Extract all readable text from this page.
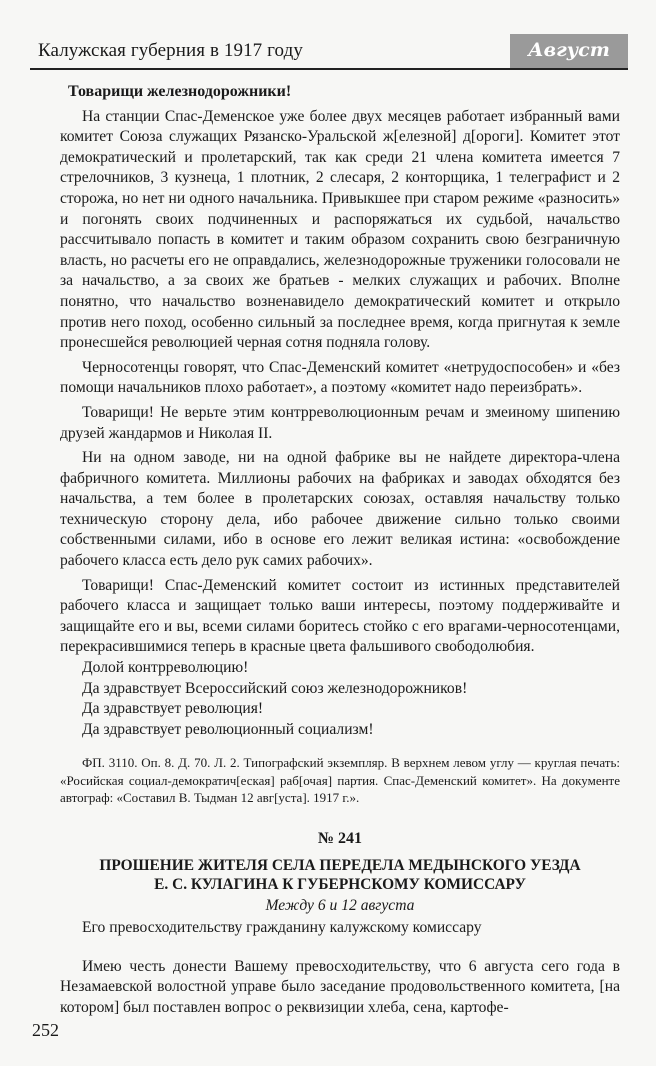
Калужская губерния в 1917 году	Август
Товарищи железнодорожники!

На станции Спас-Деменское уже более двух месяцев работает избранный вами комитет Союза служащих Рязанско-Уральской ж[елезной] д[ороги]. Комитет этот демократический и пролетарский, так как среди 21 члена комитета имеется 7 стрелочников, 3 кузнеца, 1 плотник, 2 слесаря, 2 конторщика, 1 телеграфист и 2 сторожа, но нет ни одного начальника. Привыкшее при старом режиме «разносить» и погонять своих подчиненных и распоряжаться их судьбой, начальство рассчитывало попасть в комитет и таким образом сохранить свою безграничную власть, но расчеты его не оправдались, железнодорожные труженики голосовали не за начальство, а за своих же братьев - мелких служащих и рабочих. Вполне понятно, что начальство возненавидело демократический комитет и открыло против него поход, особенно сильный за последнее время, когда пригнутая к земле пронесшейся революцией черная сотня подняла голову.

Черносотенцы говорят, что Спас-Деменский комитет «нетрудоспособен» и «без помощи начальников плохо работает», а поэтому «комитет надо переизбрать».

Товарищи! Не верьте этим контрреволюционным речам и змеиному шипению друзей жандармов и Николая II.

Ни на одном заводе, ни на одной фабрике вы не найдете директора-члена фабричного комитета. Миллионы рабочих на фабриках и заводах обходятся без начальства, а тем более в пролетарских союзах, оставляя начальству только техническую сторону дела, ибо рабочее движение сильно только своими собственными силами, ибо в основе его лежит великая истина: «освобождение рабочего класса есть дело рук самих рабочих».

Товарищи! Спас-Деменский комитет состоит из истинных представителей рабочего класса и защищает только ваши интересы, поэтому поддерживайте и защищайте его и вы, всеми силами боритесь стойко с его врагами-черносотенцами, перекрасившимися теперь в красные цвета фальшивого свободолюбия.

Долой контрреволюцию!

Да здравствует Всероссийский союз железнодорожников!

Да здравствует революция!

Да здравствует революционный социализм!

ФП. 3110. Оп. 8. Д. 70. Л. 2. Типографский экземпляр. В верхнем левом углу — круглая печать: «Росийская социал-демократич[еская] раб[очая] партия. Спас-Деменский комитет». На документе автограф: «Составил В. Тыдман 12 авг[уста]. 1917 г.».

№ 241
ПРОШЕНИЕ ЖИТЕЛЯ СЕЛА ПЕРЕДЕЛА МЕДЫНСКОГО УЕЗДА
Е. С. КУЛАГИНА К ГУБЕРНСКОМУ КОМИССАРУ
Между 6 и 12 августа

Его превосходительству гражданину калужскому комиссару

Имею честь донести Вашему превосходительству, что 6 августа сего года в Незамаевской волостной управе было заседание продовольственного комитета, [на котором] был поставлен вопрос о реквизиции хлеба, сена, картофе-

252
